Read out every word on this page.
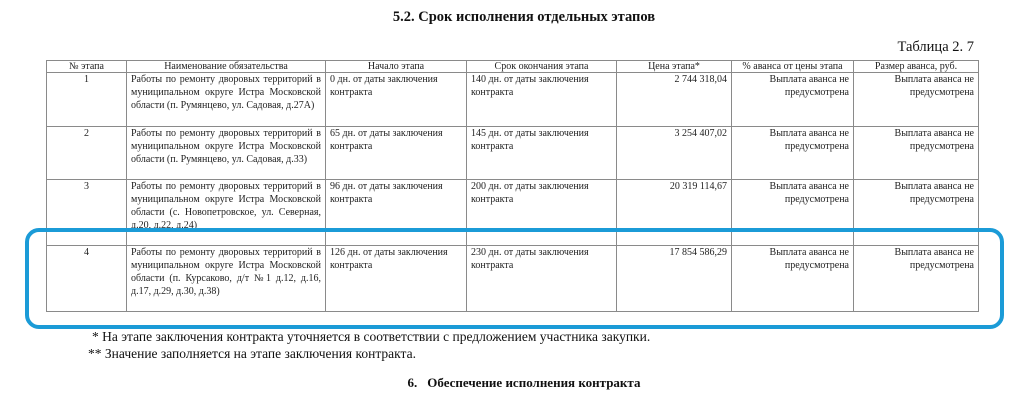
5.2. Срок исполнения отдельных этапов
Таблица 2. 7
№ этапа	Наименование обязательства	Начало этапа	Срок окончания этапа	Цена этапа*	% аванса от цены этапа	Размер аванса, руб.
1	Работы по ремонту дворовых территорий в муниципальном округе Истра Московской области (п. Румянцево, ул. Садовая, д.27А)	0 дн. от даты заключения контракта	140 дн. от даты заключения контракта	2 744 318,04	Выплата аванса не предусмотрена	Выплата аванса не предусмотрена
2	Работы по ремонту дворовых территорий в муниципальном округе Истра Московской области (п. Румянцево, ул. Садовая, д.33)	65 дн. от даты заключения контракта	145 дн. от даты заключения контракта	3 254 407,02	Выплата аванса не предусмотрена	Выплата аванса не предусмотрена
3	Работы по ремонту дворовых территорий в муниципальном округе Истра Московской области (с. Новопетровское, ул. Северная, д.20, д.22, д.24)	96 дн. от даты заключения контракта	200 дн. от даты заключения контракта	20 319 114,67	Выплата аванса не предусмотрена	Выплата аванса не предусмотрена
4	Работы по ремонту дворовых территорий в муниципальном округе Истра Московской области (п. Курсаково, д/т №1 д.12, д.16, д.17, д.29, д.30, д.38)	126 дн. от даты заключения контракта	230 дн. от даты заключения контракта	17 854 586,29	Выплата аванса не предусмотрена	Выплата аванса не предусмотрена
* На этапе заключения контракта уточняется в соответствии с предложением участника закупки.
** Значение заполняется на этапе заключения контракта.
6. Обеспечение исполнения контракта
